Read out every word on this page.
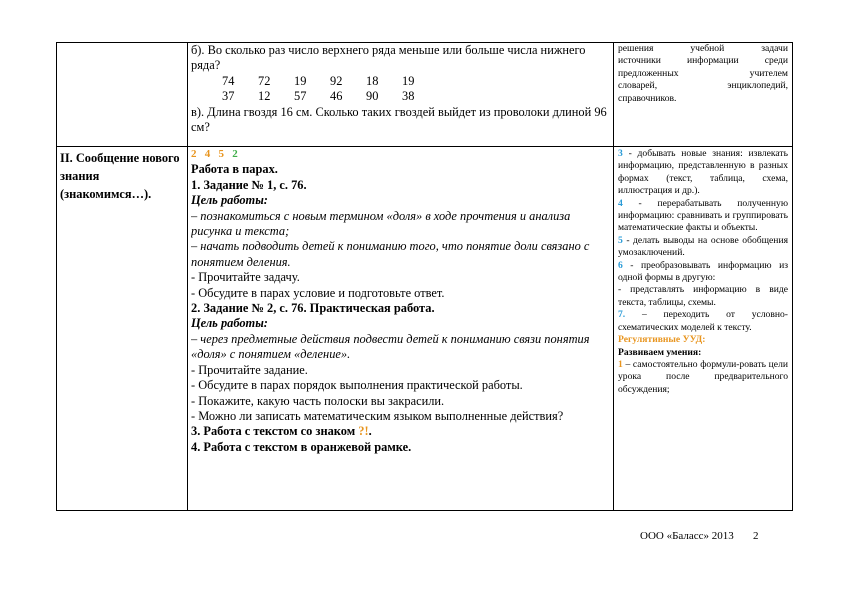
б). Во сколько раз число верхнего ряда меньше или больше числа нижнего ряда?

74	72	19	92	18	19
37	12	57	46	90	38

в). Длина гвоздя 16 см. Сколько таких гвоздей выйдет из проволоки длиной 96 см?

решения учебной задачи

источники информации среди предложенных учителем

словарей, энциклопедий,

справочников.

II. Сообщение нового знания (знакомимся…).

2 4 5 2

Работа в парах.

1. Задание № 1, с. 76.

Цель работы:

– познакомиться с новым термином «доля» в ходе прочтения и анализа рисунка и текста;

– начать подводить детей к пониманию того, что понятие доли связано с понятием деления.

- Прочитайте задачу.

- Обсудите в парах условие и подготовьте ответ.

2. Задание № 2, с. 76. Практическая работа.

Цель работы:

– через предметные действия подвести детей к пониманию связи понятия «доля» с понятием «деление».

- Прочитайте задание.

- Обсудите в парах порядок выполнения практической работы.

- Покажите, какую часть полоски вы закрасили.

- Можно ли записать математическим языком выполненные действия?

3. Работа с текстом со знаком ?!.

4. Работа с текстом в оранжевой рамке.

3 - добывать новые знания: извлекать информацию, представленную в разных формах (текст, таблица, схема, иллюстрация и др.).

4 - перерабатывать полученную информацию: сравнивать и группировать математические факты и объекты.

5 - делать выводы на основе обобщения умозаключений.

6 - преобразовывать информацию из одной формы в другую:

- представлять информацию в виде текста, таблицы, схемы.

7. – переходить от условно-схематических моделей к тексту.

Регулятивные УУД:

Развиваем умения:

1 – самостоятельно формули-ровать цели урока после предварительного обсуждения;

ООО «Баласс» 2013 2
